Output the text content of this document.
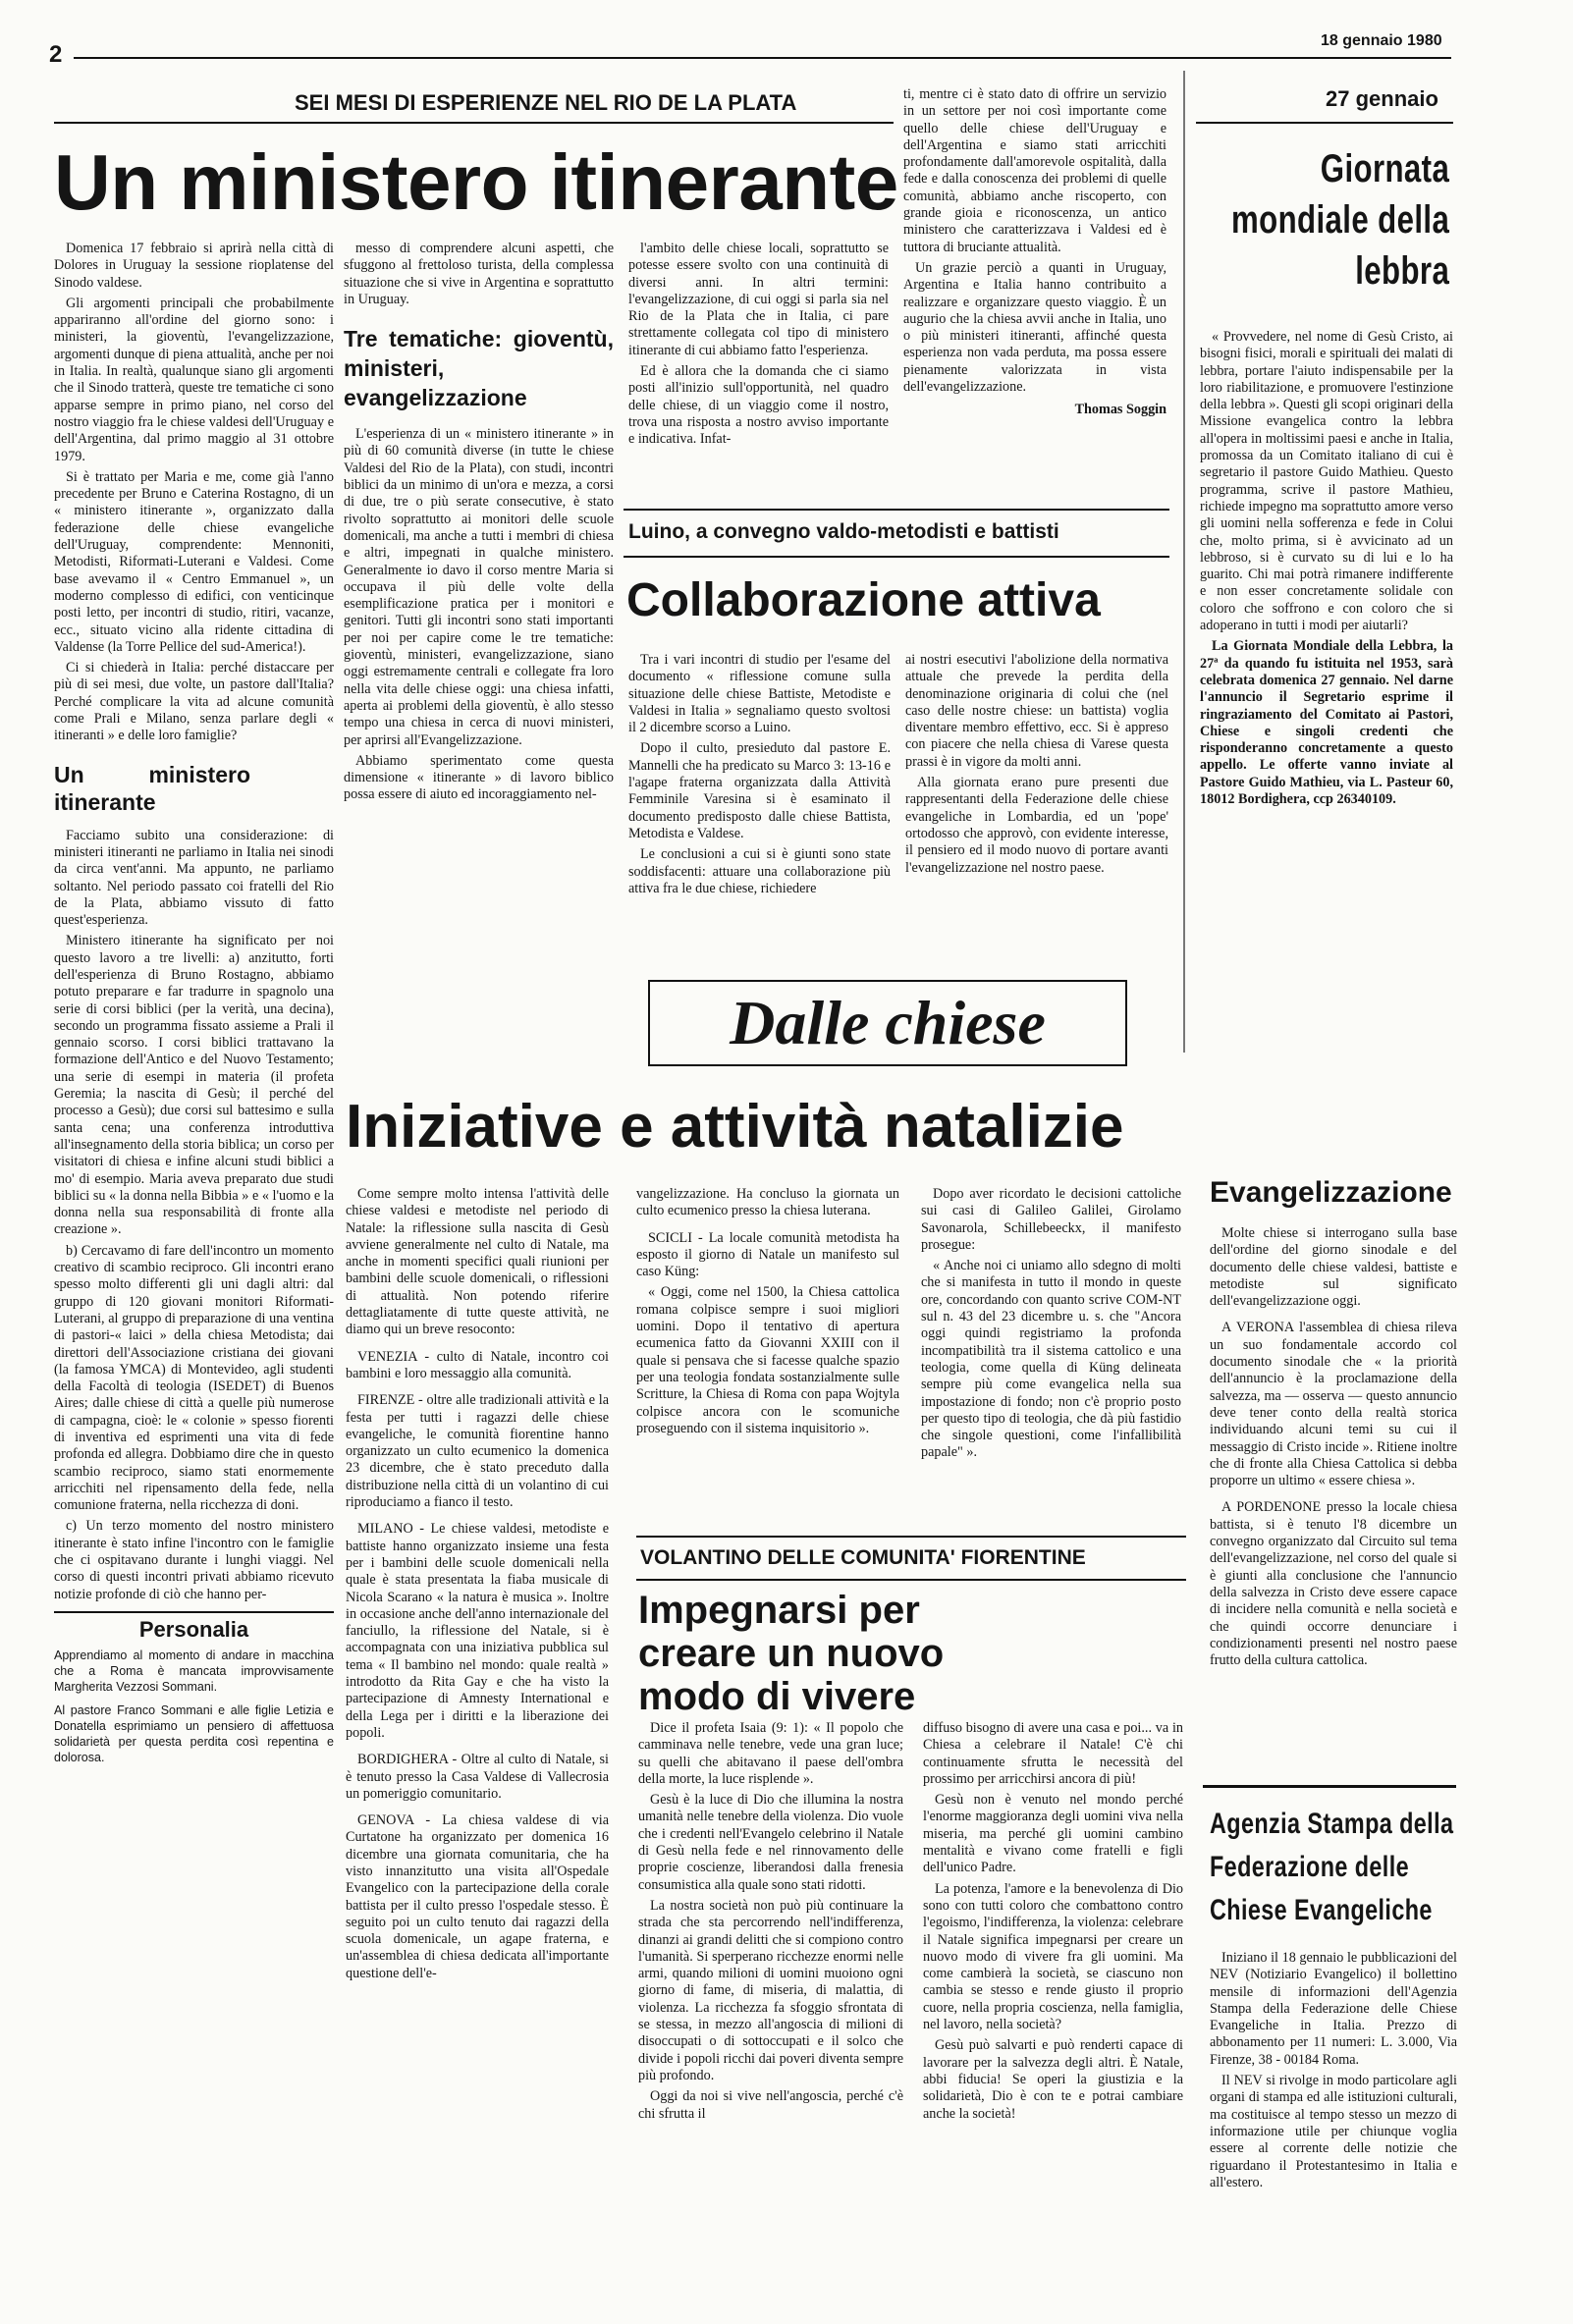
2
18 gennaio 1980
SEI MESI DI ESPERIENZE NEL RIO DE LA PLATA
Un ministero itinerante

Domenica 17 febbraio si aprirà nella città di Dolores in Uruguay la sessione rioplatense del Sinodo valdese.

Gli argomenti principali che probabilmente appariranno all'ordine del giorno sono: i ministeri, la gioventù, l'evangelizzazione, argomenti dunque di piena attualità, anche per noi in Italia. In realtà, qualunque siano gli argomenti che il Sinodo tratterà, queste tre tematiche ci sono apparse sempre in primo piano, nel corso del nostro viaggio fra le chiese valdesi dell'Uruguay e dell'Argentina, dal primo maggio al 31 ottobre 1979.

Si è trattato per Maria e me, come già l'anno precedente per Bruno e Caterina Rostagno, di un « ministero itinerante », organizzato dalla federazione delle chiese evangeliche dell'Uruguay, comprendente: Mennoniti, Metodisti, Riformati-Luterani e Valdesi. Come base avevamo il « Centro Emmanuel », un moderno complesso di edifici, con venticinque posti letto, per incontri di studio, ritiri, vacanze, ecc., situato vicino alla ridente cittadina di Valdense (la Torre Pellice del sud-America!).

Ci si chiederà in Italia: perché distaccare per più di sei mesi, due volte, un pastore dall'Italia? Perché complicare la vita ad alcune comunità come Prali e Milano, senza parlare degli « itineranti » e delle loro famiglie?

Un ministero itinerante

Facciamo subito una considerazione: di ministeri itineranti ne parliamo in Italia nei sinodi da circa vent'anni. Ma appunto, ne parliamo soltanto. Nel periodo passato coi fratelli del Rio de la Plata, abbiamo vissuto di fatto quest'esperienza.

Ministero itinerante ha significato per noi questo lavoro a tre livelli: a) anzitutto, forti dell'esperienza di Bruno Rostagno, abbiamo potuto preparare e far tradurre in spagnolo una serie di corsi biblici (per la verità, una decina), secondo un programma fissato assieme a Prali il gennaio scorso. I corsi biblici trattavano la formazione dell'Antico e del Nuovo Testamento; una serie di esempi in materia (il profeta Geremia; la nascita di Gesù; il perché del processo a Gesù); due corsi sul battesimo e sulla santa cena; una conferenza introduttiva all'insegnamento della storia biblica; un corso per visitatori di chiesa e infine alcuni studi biblici a mo' di esempio. Maria aveva preparato due studi biblici su « la donna nella Bibbia » e « l'uomo e la donna nella sua responsabilità di fronte alla creazione ».

b) Cercavamo di fare dell'incontro un momento creativo di scambio reciproco. Gli incontri erano spesso molto differenti gli uni dagli altri: dal gruppo di 120 giovani monitori Riformati-Luterani, al gruppo di preparazione di una ventina di pastori-« laici » della chiesa Metodista; dai direttori dell'Associazione cristiana dei giovani (la famosa YMCA) di Montevideo, agli studenti della Facoltà di teologia (ISEDET) di Buenos Aires; dalle chiese di città a quelle più numerose di campagna, cioè: le « colonie » spesso fiorenti di inventiva ed esprimenti una vita di fede profonda ed allegra. Dobbiamo dire che in questo scambio reciproco, siamo stati enormemente arricchiti nel ripensamento della fede, nella comunione fraterna, nella ricchezza di doni.

c) Un terzo momento del nostro ministero itinerante è stato infine l'incontro con le famiglie che ci ospitavano durante i lunghi viaggi. Nel corso di questi incontri privati abbiamo ricevuto notizie profonde di ciò che hanno per-

Personalia
Apprendiamo al momento di andare in macchina che a Roma è mancata improvvisamente Margherita Vezzosi Sommani.
Al pastore Franco Sommani e alle figlie Letizia e Donatella esprimiamo un pensiero di affettuosa solidarietà per questa perdita così repentina e dolorosa.

messo di comprendere alcuni aspetti, che sfuggono al frettoloso turista, della complessa situazione che si vive in Argentina e soprattutto in Uruguay.

Tre tematiche: gioventù, ministeri, evangelizzazione

L'esperienza di un « ministero itinerante » in più di 60 comunità diverse (in tutte le chiese Valdesi del Rio de la Plata), con studi, incontri biblici da un minimo di un'ora e mezza, a corsi di due, tre o più serate consecutive, è stato rivolto soprattutto ai monitori delle scuole domenicali, ma anche a tutti i membri di chiesa e altri, impegnati in qualche ministero. Generalmente io davo il corso mentre Maria si occupava il più delle volte della esemplificazione pratica per i monitori e genitori. Tutti gli incontri sono stati importanti per noi per capire come le tre tematiche: gioventù, ministeri, evangelizzazione, siano oggi estremamente centrali e collegate fra loro nella vita delle chiese oggi: una chiesa infatti, aperta ai problemi della gioventù, è allo stesso tempo una chiesa in cerca di nuovi ministeri, per aprirsi all'Evangelizzazione.

Abbiamo sperimentato come questa dimensione « itinerante » di lavoro biblico possa essere di aiuto ed incoraggiamento nel-

l'ambito delle chiese locali, soprattutto se potesse essere svolto con una continuità di diversi anni. In altri termini: l'evangelizzazione, di cui oggi si parla sia nel Rio de la Plata che in Italia, ci pare strettamente collegata col tipo di ministero itinerante di cui abbiamo fatto l'esperienza.

Ed è allora che la domanda che ci siamo posti all'inizio sull'opportunità, nel quadro delle chiese, di un viaggio come il nostro, trova una risposta a nostro avviso importante e indicativa. Infat-

ti, mentre ci è stato dato di offrire un servizio in un settore per noi così importante come quello delle chiese dell'Uruguay e dell'Argentina e siamo stati arricchiti profondamente dall'amorevole ospitalità, dalla fede e dalla conoscenza dei problemi di quelle comunità, abbiamo anche riscoperto, con grande gioia e riconoscenza, un antico ministero che caratterizzava i Valdesi ed è tuttora di bruciante attualità.

Un grazie perciò a quanti in Uruguay, Argentina e Italia hanno contribuito a realizzare e organizzare questo viaggio. È un augurio che la chiesa avvii anche in Italia, uno o più ministeri itineranti, affinché questa esperienza non vada perduta, ma possa essere pienamente valorizzata in vista dell'evangelizzazione.

Thomas Soggin
Luino, a convegno valdo-metodisti e battisti
Collaborazione attiva

Tra i vari incontri di studio per l'esame del documento « riflessione comune sulla situazione delle chiese Battiste, Metodiste e Valdesi in Italia » segnaliamo questo svoltosi il 2 dicembre scorso a Luino.

Dopo il culto, presieduto dal pastore E. Mannelli che ha predicato su Marco 3: 13-16 e l'agape fraterna organizzata dalla Attività Femminile Varesina si è esaminato il documento predisposto dalle chiese Battista, Metodista e Valdese.

Le conclusioni a cui si è giunti sono state soddisfacenti: attuare una collaborazione più attiva fra le due chiese, richiedere

ai nostri esecutivi l'abolizione della normativa attuale che prevede la perdita della denominazione originaria di colui che (nel caso delle nostre chiese: un battista) voglia diventare membro effettivo, ecc. Si è appreso con piacere che nella chiesa di Varese questa prassi è in vigore da molti anni.

Alla giornata erano pure presenti due rappresentanti della Federazione delle chiese evangeliche in Lombardia, ed un 'pope' ortodosso che approvò, con evidente interesse, il pensiero ed il modo nuovo di portare avanti l'evangelizzazione nel nostro paese.

27 gennaio
Giornata mondiale della lebbra

« Provvedere, nel nome di Gesù Cristo, ai bisogni fisici, morali e spirituali dei malati di lebbra, portare l'aiuto indispensabile per la loro riabilitazione, e promuovere l'estinzione della lebbra ». Questi gli scopi originari della Missione evangelica contro la lebbra all'opera in moltissimi paesi e anche in Italia, promossa da un Comitato italiano di cui è segretario il pastore Guido Mathieu. Questo programma, scrive il pastore Mathieu, richiede impegno ma soprattutto amore verso gli uomini nella sofferenza e fede in Colui che, molto prima, si è avvicinato ad un lebbroso, si è curvato su di lui e lo ha guarito. Chi mai potrà rimanere indifferente e non esser concretamente solidale con coloro che soffrono e con coloro che si adoperano in tutti i modi per aiutarli?

La Giornata Mondiale della Lebbra, la 27ª da quando fu istituita nel 1953, sarà celebrata domenica 27 gennaio. Nel darne l'annuncio il Segretario esprime il ringraziamento del Comitato ai Pastori, Chiese e singoli credenti che risponderanno concretamente a questo appello. Le offerte vanno inviate al Pastore Guido Mathieu, via L. Pasteur 60, 18012 Bordighera, ccp 26340109.

Dalle chiese
Iniziative e attività natalizie

Come sempre molto intensa l'attività delle chiese valdesi e metodiste nel periodo di Natale: la riflessione sulla nascita di Gesù avviene generalmente nel culto di Natale, ma anche in momenti specifici quali riunioni per bambini delle scuole domenicali, o riflessioni di attualità. Non potendo riferire dettagliatamente di tutte queste attività, ne diamo qui un breve resoconto:

VENEZIA - culto di Natale, incontro coi bambini e loro messaggio alla comunità.

FIRENZE - oltre alle tradizionali attività e la festa per tutti i ragazzi delle chiese evangeliche, le comunità fiorentine hanno organizzato un culto ecumenico la domenica 23 dicembre, che è stato preceduto dalla distribuzione nella città di un volantino di cui riproduciamo a fianco il testo.

MILANO - Le chiese valdesi, metodiste e battiste hanno organizzato insieme una festa per i bambini delle scuole domenicali nella quale è stata presentata la fiaba musicale di Nicola Scarano « la natura è musica ». Inoltre in occasione anche dell'anno internazionale del fanciullo, la riflessione del Natale, si è accompagnata con una iniziativa pubblica sul tema « Il bambino nel mondo: quale realtà » introdotto da Rita Gay e che ha visto la partecipazione di Amnesty International e della Lega per i diritti e la liberazione dei popoli.

BORDIGHERA - Oltre al culto di Natale, si è tenuto presso la Casa Valdese di Vallecrosia un pomeriggio comunitario.

GENOVA - La chiesa valdese di via Curtatone ha organizzato per domenica 16 dicembre una giornata comunitaria, che ha visto innanzitutto una visita all'Ospedale Evangelico con la partecipazione della corale battista per il culto presso l'ospedale stesso. È seguito poi un culto tenuto dai ragazzi della scuola domenicale, un agape fraterna, e un'assemblea di chiesa dedicata all'importante questione dell'e-

vangelizzazione. Ha concluso la giornata un culto ecumenico presso la chiesa luterana.

SCICLI - La locale comunità metodista ha esposto il giorno di Natale un manifesto sul caso Küng:

« Oggi, come nel 1500, la Chiesa cattolica romana colpisce sempre i suoi migliori uomini. Dopo il tentativo di apertura ecumenica fatto da Giovanni XXIII con il quale si pensava che si facesse qualche spazio per una teologia fondata sostanzialmente sulle Scritture, la Chiesa di Roma con papa Wojtyla colpisce ancora con le scomuniche proseguendo con il sistema inquisitorio ».

Dopo aver ricordato le decisioni cattoliche sui casi di Galileo Galilei, Girolamo Savonarola, Schillebeeckx, il manifesto prosegue:

« Anche noi ci uniamo allo sdegno di molti che si manifesta in tutto il mondo in queste ore, concordando con quanto scrive COM-NT sul n. 43 del 23 dicembre u. s. che "Ancora oggi quindi registriamo la profonda incompatibilità tra il sistema cattolico e una teologia, come quella di Küng delineata sempre più come evangelica nella sua impostazione di fondo; non c'è proprio posto per questo tipo di teologia, che dà più fastidio che singole questioni, come l'infallibilità papale" ».

VOLANTINO DELLE COMUNITA' FIORENTINE
Impegnarsi per creare un nuovo modo di vivere

Dice il profeta Isaia (9: 1): « Il popolo che camminava nelle tenebre, vede una gran luce; su quelli che abitavano il paese dell'ombra della morte, la luce risplende ».

Gesù è la luce di Dio che illumina la nostra umanità nelle tenebre della violenza. Dio vuole che i credenti nell'Evangelo celebrino il Natale di Gesù nella fede e nel rinnovamento delle proprie coscienze, liberandosi dalla frenesia consumistica alla quale sono stati ridotti.

La nostra società non può più continuare la strada che sta percorrendo nell'indifferenza, dinanzi ai grandi delitti che si compiono contro l'umanità. Si sperperano ricchezze enormi nelle armi, quando milioni di uomini muoiono ogni giorno di fame, di miseria, di malattia, di violenza. La ricchezza fa sfoggio sfrontata di se stessa, in mezzo all'angoscia di milioni di disoccupati o di sottoccupati e il solco che divide i popoli ricchi dai poveri diventa sempre più profondo.

Oggi da noi si vive nell'angoscia, perché c'è chi sfrutta il

diffuso bisogno di avere una casa e poi... va in Chiesa a celebrare il Natale! C'è chi continuamente sfrutta le necessità del prossimo per arricchirsi ancora di più!

Gesù non è venuto nel mondo perché l'enorme maggioranza degli uomini viva nella miseria, ma perché gli uomini cambino mentalità e vivano come fratelli e figli dell'unico Padre.

La potenza, l'amore e la benevolenza di Dio sono con tutti coloro che combattono contro l'egoismo, l'indifferenza, la violenza: celebrare il Natale significa impegnarsi per creare un nuovo modo di vivere fra gli uomini. Ma come cambierà la società, se ciascuno non cambia se stesso e rende giusto il proprio cuore, nella propria coscienza, nella famiglia, nel lavoro, nella società?

Gesù può salvarti e può renderti capace di lavorare per la salvezza degli altri. È Natale, abbi fiducia! Se operi la giustizia e la solidarietà, Dio è con te e potrai cambiare anche la società!

Evangelizzazione

Molte chiese si interrogano sulla base dell'ordine del giorno sinodale e del documento delle chiese valdesi, battiste e metodiste sul significato dell'evangelizzazione oggi.

A VERONA l'assemblea di chiesa rileva un suo fondamentale accordo col documento sinodale che « la priorità dell'annuncio è la proclamazione della salvezza, ma — osserva — questo annuncio deve tener conto della realtà storica individuando alcuni temi su cui il messaggio di Cristo incide ». Ritiene inoltre che di fronte alla Chiesa Cattolica si debba proporre un ultimo « essere chiesa ».

A PORDENONE presso la locale chiesa battista, si è tenuto l'8 dicembre un convegno organizzato dal Circuito sul tema dell'evangelizzazione, nel corso del quale si è giunti alla conclusione che l'annuncio della salvezza in Cristo deve essere capace di incidere nella comunità e nella società e che quindi occorre denunciare i condizionamenti presenti nel nostro paese frutto della cultura cattolica.

Agenzia Stampa della Federazione delle Chiese Evangeliche

Iniziano il 18 gennaio le pubblicazioni del NEV (Notiziario Evangelico) il bollettino mensile di informazioni dell'Agenzia Stampa della Federazione delle Chiese Evangeliche in Italia. Prezzo di abbonamento per 11 numeri: L. 3.000, Via Firenze, 38 - 00184 Roma.

Il NEV si rivolge in modo particolare agli organi di stampa ed alle istituzioni culturali, ma costituisce al tempo stesso un mezzo di informazione utile per chiunque voglia essere al corrente delle notizie che riguardano il Protestantesimo in Italia e all'estero.
